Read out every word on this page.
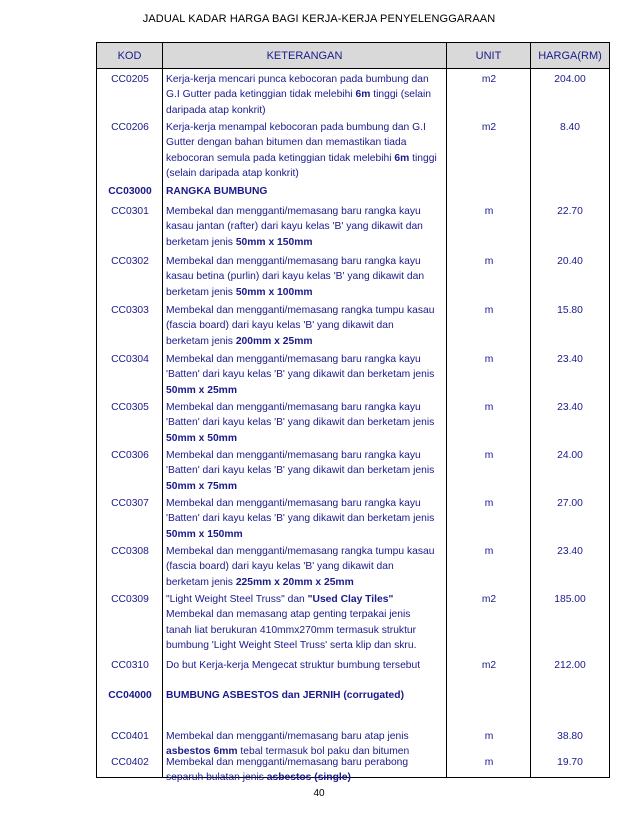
JADUAL KADAR HARGA BAGI KERJA-KERJA PENYELENGGARAAN
KOD	KETERANGAN	UNIT	HARGA(RM)
CC0205	Kerja-kerja mencari punca kebocoran pada bumbung dan

G.I Gutter pada ketinggian tidak melebihi 6m tinggi (selain

daripada atap konkrit)

m2	204.00
CC0206	Kerja-kerja menampal kebocoran pada bumbung dan G.I

Gutter dengan bahan bitumen dan memastikan tiada

kebocoran semula pada ketinggian tidak melebihi 6m tinggi

(selain daripada atap konkrit)

m2	8.40
CC03000	RANGKA BUMBUNG

CC0301	Membekal dan mengganti/memasang baru rangka kayu

kasau jantan (rafter) dari kayu kelas 'B' yang dikawit dan

berketam jenis 50mm x 150mm

m	22.70
CC0302	Membekal dan mengganti/memasang baru rangka kayu

kasau betina (purlin) dari kayu kelas 'B' yang dikawit dan

berketam jenis 50mm x 100mm

m	20.40
CC0303	Membekal dan mengganti/memasang rangka tumpu kasau

(fascia board) dari kayu kelas 'B' yang dikawit dan

berketam jenis 200mm x 25mm

m	15.80
CC0304	Membekal dan mengganti/memasang baru rangka kayu

'Batten' dari kayu kelas 'B' yang dikawit dan berketam jenis

50mm x 25mm

m	23.40
CC0305	Membekal dan mengganti/memasang baru rangka kayu

'Batten' dari kayu kelas 'B' yang dikawit dan berketam jenis

50mm x 50mm

m	23.40
CC0306	Membekal dan mengganti/memasang baru rangka kayu

'Batten' dari kayu kelas 'B' yang dikawit dan berketam jenis

50mm x 75mm

m	24.00
CC0307	Membekal dan mengganti/memasang baru rangka kayu

'Batten' dari kayu kelas 'B' yang dikawit dan berketam jenis

50mm x 150mm

m	27.00
CC0308	Membekal dan mengganti/memasang rangka tumpu kasau

(fascia board) dari kayu kelas 'B' yang dikawit dan

berketam jenis 225mm x 20mm x 25mm

m	23.40
CC0309	"Light Weight Steel Truss" dan "Used Clay Tiles"

Membekal dan memasang atap genting terpakai jenis

tanah liat berukuran 410mmx270mm termasuk struktur

bumbung 'Light Weight Steel Truss' serta klip dan skru.

m2	185.00
CC0310	Do but Kerja-kerja Mengecat struktur bumbung tersebut	m2	212.00
CC04000	BUMBUNG ASBESTOS dan JERNIH (corrugated)

CC0401	Membekal dan mengganti/memasang baru atap jenis

asbestos 6mm tebal termasuk bol paku dan bitumen

m	38.80
CC0402	Membekal dan mengganti/memasang baru perabong

separuh bulatan jenis asbestos (single)

m	19.70
40
